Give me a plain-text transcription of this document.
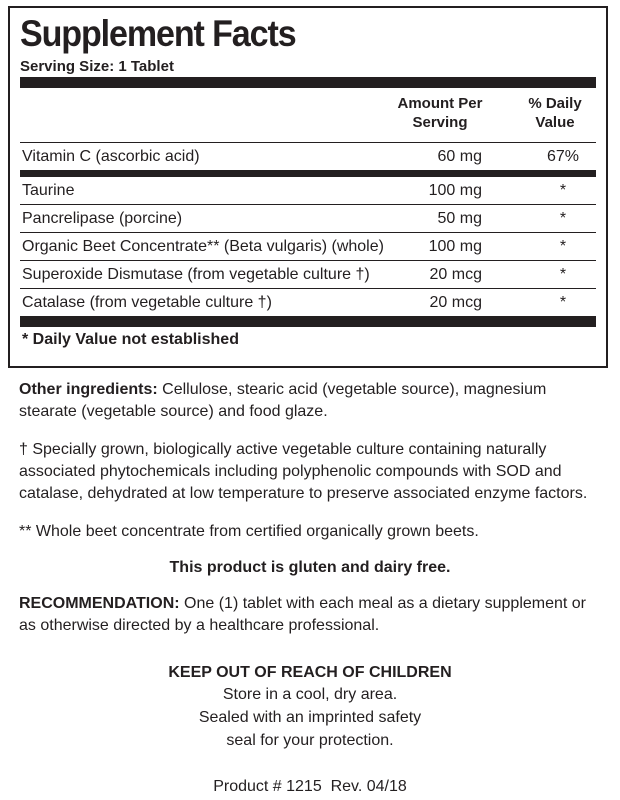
Supplement Facts
Serving Size: 1 Tablet
Amount Per
Serving
% Daily
Value
Vitamin C (ascorbic acid)	60 mg	67%
Taurine	100 mg	*
Pancrelipase (porcine)	50 mg	*
Organic Beet Concentrate** (Beta vulgaris) (whole)	100 mg	*
Superoxide Dismutase (from vegetable culture †)	20 mcg	*
Catalase (from vegetable culture †)	20 mcg	*
* Daily Value not established

Other ingredients: Cellulose, stearic acid (vegetable source), magnesium stearate (vegetable source) and food glaze.

† Specially grown, biologically active vegetable culture containing naturally associated phytochemicals including polyphenolic compounds with SOD and catalase, dehydrated at low temperature to preserve associated enzyme factors.

** Whole beet concentrate from certified organically grown beets.

This product is gluten and dairy free.

RECOMMENDATION: One (1) tablet with each meal as a dietary supplement or as otherwise directed by a healthcare professional.

KEEP OUT OF REACH OF CHILDREN

Store in a cool, dry area.

Sealed with an imprinted safety

seal for your protection.

Product # 1215  Rev. 04/18
